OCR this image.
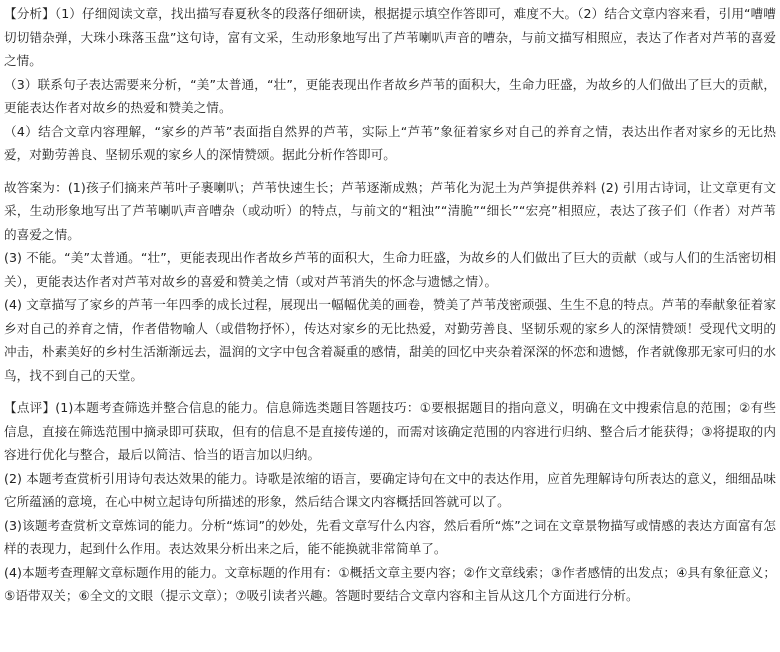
【分析】（1）仔细阅读文章，找出描写春夏秋冬的段落仔细研读，根据提示填空作答即可，难度不大。（2）结合文章内容来看，引用“嘈嘈切切错杂弹，大珠小珠落玉盘”这句诗，富有文采，生动形象地写出了芦苇喇叭声音的嘈杂，与前文描写相照应，表达了作者对芦苇的喜爱之情。

（3）联系句子表达需要来分析，“美”太普通，“壮”，更能表现出作者故乡芦苇的面积大，生命力旺盛，为故乡的人们做出了巨大的贡献，更能表达作者对故乡的热爱和赞美之情。

（4）结合文章内容理解，“家乡的芦苇”表面指自然界的芦苇，实际上“芦苇”象征着家乡对自己的养育之情，表达出作者对家乡的无比热爱，对勤劳善良、坚韧乐观的家乡人的深情赞颂。据此分析作答即可。

故答案为：(1)孩子们摘来芦苇叶子裹喇叭；芦苇快速生长；芦苇逐渐成熟；芦苇化为泥土为芦笋提供养料 (2) 引用古诗词，让文章更有文采，生动形象地写出了芦苇喇叭声音嘈杂（或动听）的特点，与前文的“粗浊”“清脆”“细长”“宏亮”相照应，表达了孩子们（作者）对芦苇的喜爱之情。

(3) 不能。“美”太普通。“壮”，更能表现出作者故乡芦苇的面积大，生命力旺盛，为故乡的人们做出了巨大的贡献（或与人们的生活密切相关），更能表达作者对芦苇对故乡的喜爱和赞美之情（或对芦苇消失的怀念与遗憾之情）。

(4) 文章描写了家乡的芦苇一年四季的成长过程，展现出一幅幅优美的画卷，赞美了芦苇茂密顽强、生生不息的特点。芦苇的奉献象征着家乡对自己的养育之情，作者借物喻人（或借物抒怀），传达对家乡的无比热爱，对勤劳善良、坚韧乐观的家乡人的深情赞颂！受现代文明的冲击，朴素美好的乡村生活渐渐远去，温润的文字中包含着凝重的感情，甜美的回忆中夹杂着深深的怀恋和遗憾，作者就像那无家可归的水鸟，找不到自己的天堂。

【点评】(1)本题考查筛选并整合信息的能力。信息筛选类题目答题技巧：①要根据题目的指向意义，明确在文中搜索信息的范围；②有些信息，直接在筛选范围中摘录即可获取，但有的信息不是直接传递的，而需对该确定范围的内容进行归纳、整合后才能获得；③将提取的内容进行优化与整合，最后以简洁、恰当的语言加以归纳。

(2) 本题考查赏析引用诗句表达效果的能力。诗歌是浓缩的语言，要确定诗句在文中的表达作用，应首先理解诗句所表达的意义，细细品味它所蕴涵的意境，在心中树立起诗句所描述的形象，然后结合课文内容概括回答就可以了。

(3)该题考查赏析文章炼词的能力。分析“炼词”的妙处，先看文章写什么内容，然后看所“炼”之词在文章景物描写或情感的表达方面富有怎样的表现力，起到什么作用。表达效果分析出来之后，能不能换就非常简单了。

(4)本题考查理解文章标题作用的能力。文章标题的作用有：①概括文章主要内容；②作文章线索；③作者感情的出发点；④具有象征意义；⑤语带双关；⑥全文的文眼（提示文章）；⑦吸引读者兴趣。答题时要结合文章内容和主旨从这几个方面进行分析。
